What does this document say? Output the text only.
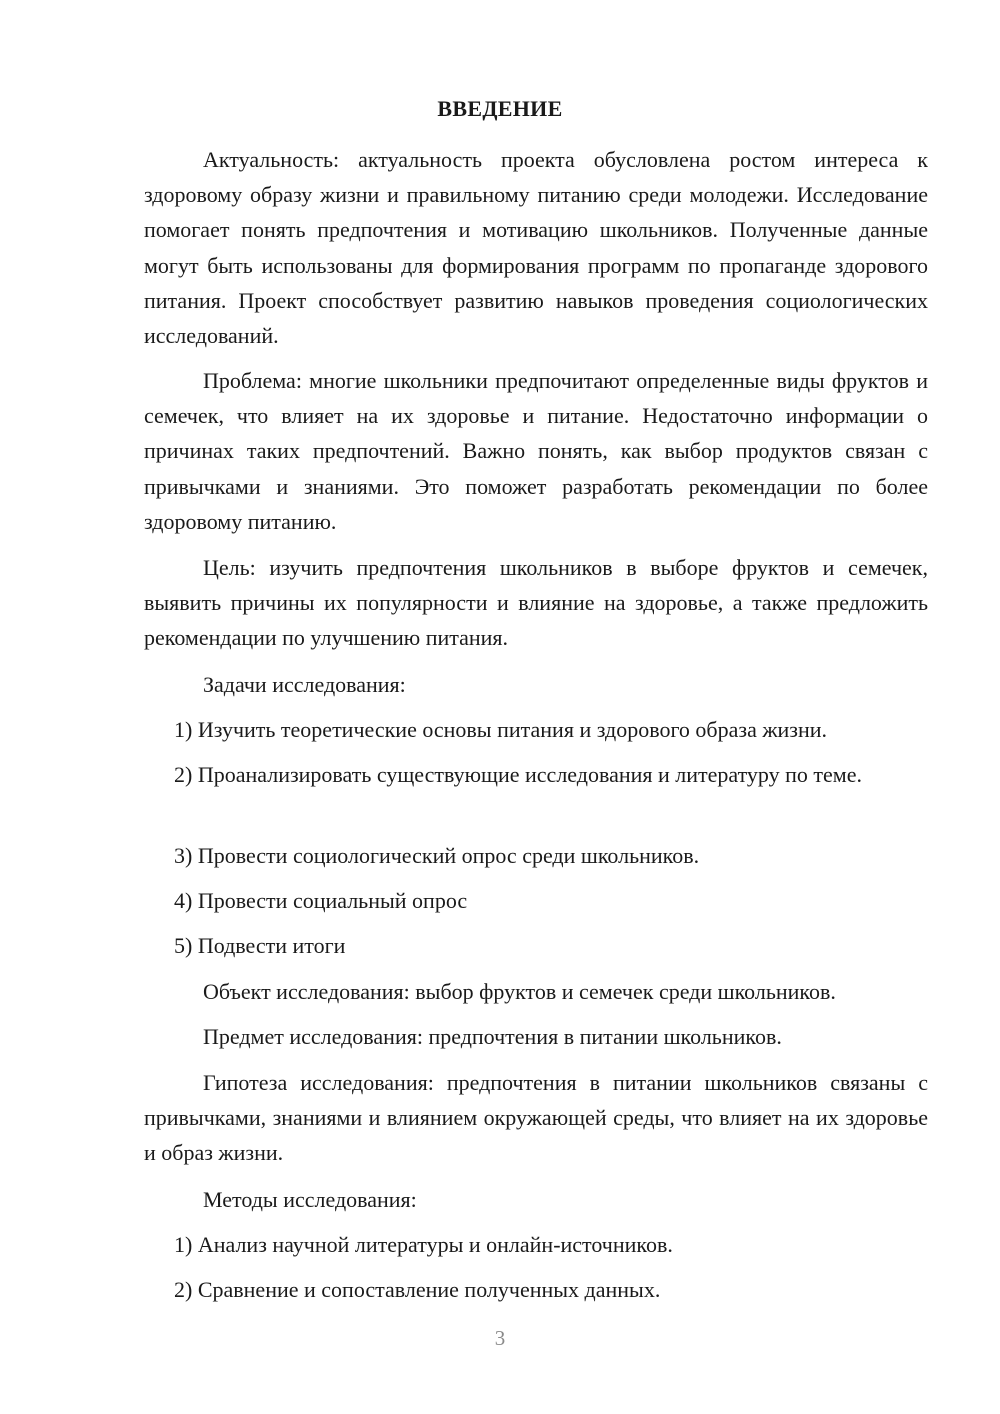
ВВЕДЕНИЕ

Актуальность: актуальность проекта обусловлена ростом интереса к здоровому образу жизни и правильному питанию среди молодежи. Исследование помогает понять предпочтения и мотивацию школьников. Полученные данные могут быть использованы для формирования программ по пропаганде здорового питания. Проект способствует развитию навыков проведения социологических исследований.

Проблема: многие школьники предпочитают определенные виды фруктов и семечек, что влияет на их здоровье и питание. Недостаточно информации о причинах таких предпочтений. Важно понять, как выбор продуктов связан с привычками и знаниями. Это поможет разработать рекомендации по более здоровому питанию.

Цель: изучить предпочтения школьников в выборе фруктов и семечек, выявить причины их популярности и влияние на здоровье, а также предложить рекомендации по улучшению питания.

Задачи исследования:
1) Изучить теоретические основы питания и здорового образа жизни.

2) Проанализировать существующие исследования и литературу по теме.

3) Провести социологический опрос среди школьников.
4) Провести социальный опрос
5) Подвести итоги
Объект исследования: выбор фруктов и семечек среди школьников.
Предмет исследования: предпочтения в питании школьников.

Гипотеза исследования: предпочтения в питании школьников связаны с привычками, знаниями и влиянием окружающей среды, что влияет на их здоровье и образ жизни.

Методы исследования:
1) Анализ научной литературы и онлайн-источников.
2) Сравнение и сопоставление полученных данных.
3
